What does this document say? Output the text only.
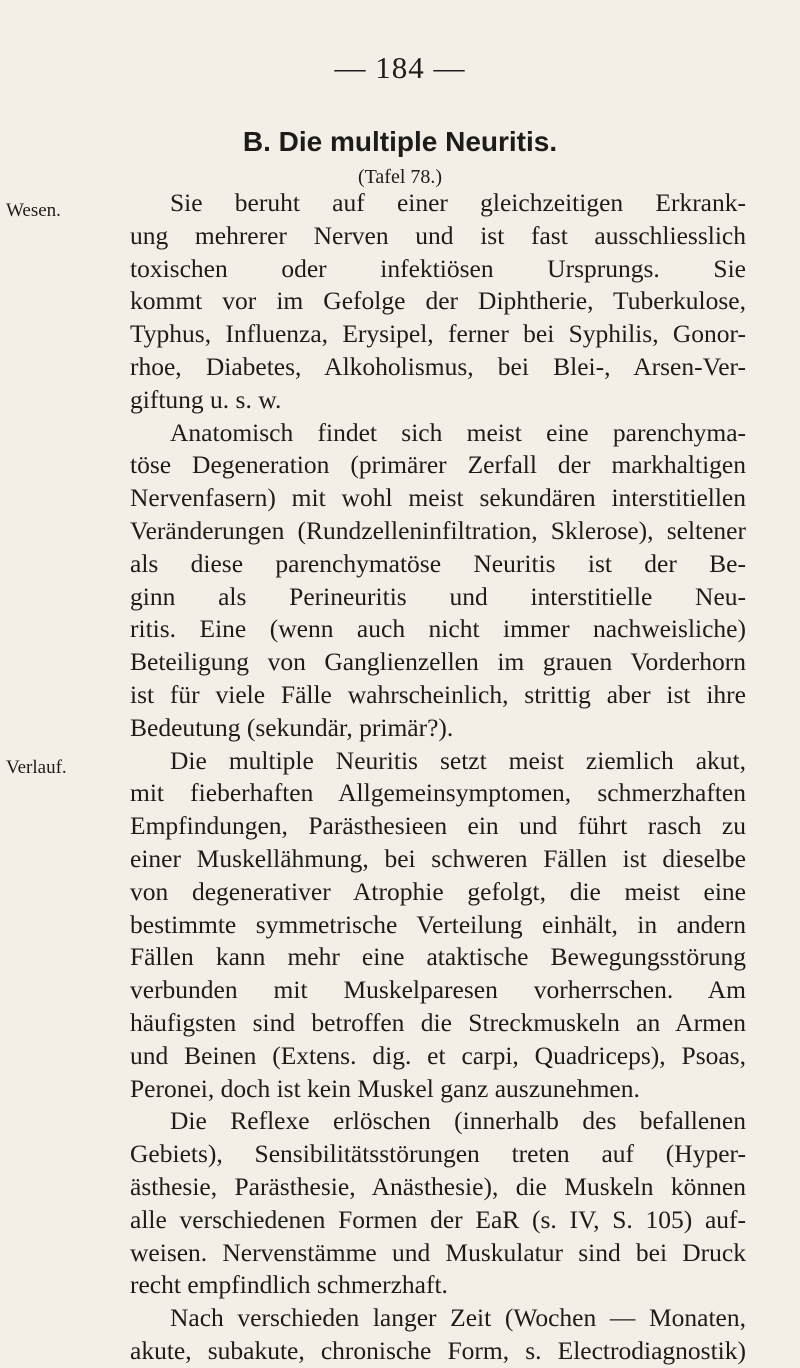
— 184 —
B. Die multiple Neuritis.
(Tafel 78.)
Wesen.
Verlauf.
Sie beruht auf einer gleichzeitigen Erkrank-
ung mehrerer Nerven und ist fast ausschliesslich
toxischen oder infektiösen Ursprungs. Sie
kommt vor im Gefolge der Diphtherie, Tuberkulose,
Typhus, Influenza, Erysipel, ferner bei Syphilis, Gonor-
rhoe, Diabetes, Alkoholismus, bei Blei-, Arsen-Ver-
giftung u. s. w.
Anatomisch findet sich meist eine parenchyma-
töse Degeneration (primärer Zerfall der markhaltigen
Nervenfasern) mit wohl meist sekundären interstitiellen
Veränderungen (Rundzelleninfiltration, Sklerose), seltener
als diese parenchymatöse Neuritis ist der Be-
ginn als Perineuritis und interstitielle Neu-
ritis. Eine (wenn auch nicht immer nachweisliche)
Beteiligung von Ganglienzellen im grauen Vorderhorn
ist für viele Fälle wahrscheinlich, strittig aber ist ihre
Bedeutung (sekundär, primär?).
Die multiple Neuritis setzt meist ziemlich akut,
mit fieberhaften Allgemeinsymptomen, schmerzhaften
Empfindungen, Parästhesieen ein und führt rasch zu
einer Muskellähmung, bei schweren Fällen ist dieselbe
von degenerativer Atrophie gefolgt, die meist eine
bestimmte symmetrische Verteilung einhält, in andern
Fällen kann mehr eine ataktische Bewegungsstörung
verbunden mit Muskelparesen vorherrschen. Am
häufigsten sind betroffen die Streckmuskeln an Armen
und Beinen (Extens. dig. et carpi, Quadriceps), Psoas,
Peronei, doch ist kein Muskel ganz auszunehmen.
Die Reflexe erlöschen (innerhalb des befallenen
Gebiets), Sensibilitätsstörungen treten auf (Hyper-
ästhesie, Parästhesie, Anästhesie), die Muskeln können
alle verschiedenen Formen der EaR (s. IV, S. 105) auf-
weisen. Nervenstämme und Muskulatur sind bei Druck
recht empfindlich schmerzhaft.
Nach verschieden langer Zeit (Wochen — Monaten,
akute, subakute, chronische Form, s. Electrodiagnostik)
